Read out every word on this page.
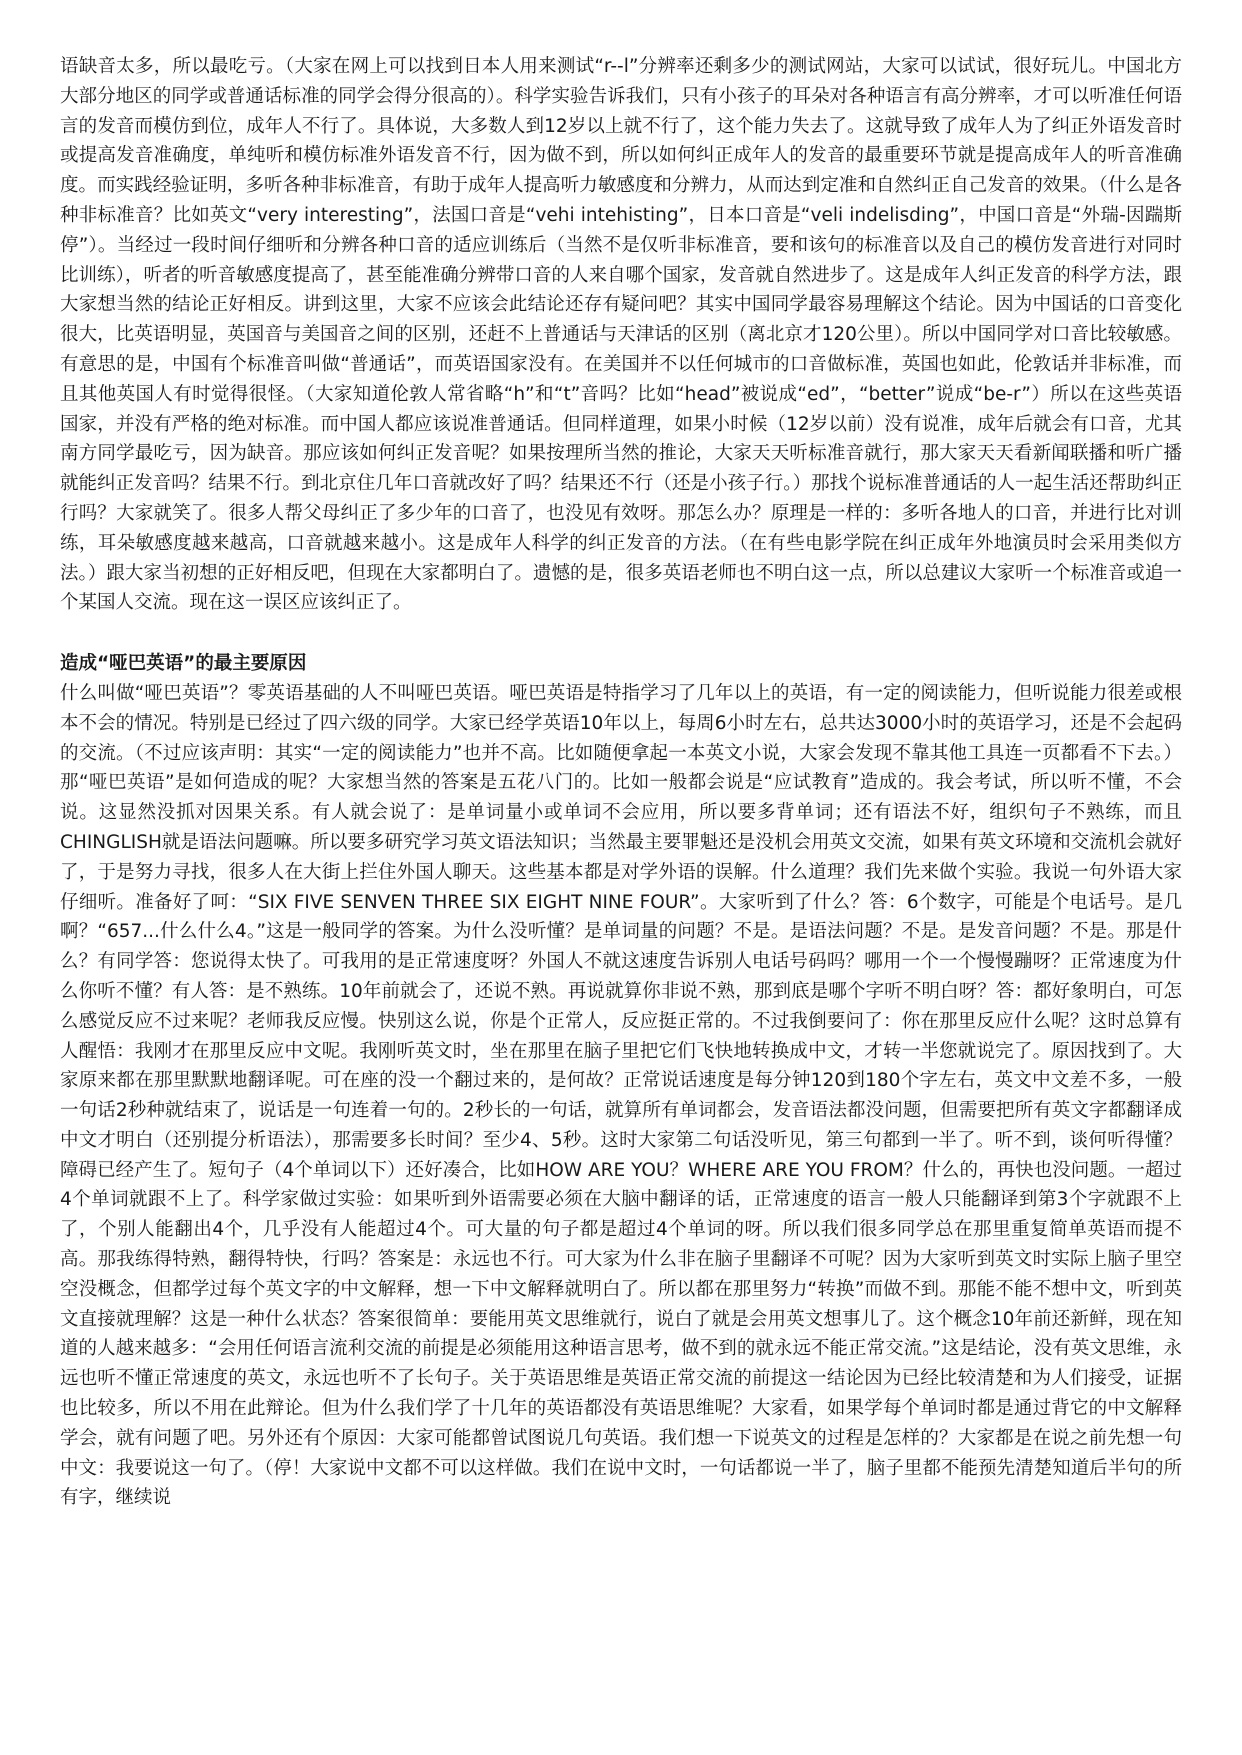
语缺音太多，所以最吃亏。（大家在网上可以找到日本人用来测试“r--l”分辨率还剩多少的测试网站，大家可以试试，很好玩儿。中国北方大部分地区的同学或普通话标准的同学会得分很高的）。科学实验告诉我们，只有小孩子的耳朵对各种语言有高分辨率，才可以听准任何语言的发音而模仿到位，成年人不行了。具体说，大多数人到12岁以上就不行了，这个能力失去了。这就导致了成年人为了纠正外语发音时或提高发音准确度，单纯听和模仿标准外语发音不行，因为做不到，所以如何纠正成年人的发音的最重要环节就是提高成年人的听音准确度。而实践经验证明，多听各种非标准音，有助于成年人提高听力敏感度和分辨力，从而达到定准和自然纠正自己发音的效果。（什么是各种非标准音？比如英文“very interesting”，法国口音是“vehi intehisting”，日本口音是“veli indelisding”，中国口音是“外瑞-因踹斯停”）。当经过一段时间仔细听和分辨各种口音的适应训练后（当然不是仅听非标准音，要和该句的标准音以及自己的模仿发音进行对同时比训练），听者的听音敏感度提高了，甚至能准确分辨带口音的人来自哪个国家，发音就自然进步了。这是成年人纠正发音的科学方法，跟大家想当然的结论正好相反。讲到这里，大家不应该会此结论还存有疑问吧？其实中国同学最容易理解这个结论。因为中国话的口音变化很大，比英语明显，英国音与美国音之间的区别，还赶不上普通话与天津话的区别（离北京才120公里）。所以中国同学对口音比较敏感。有意思的是，中国有个标准音叫做“普通话”，而英语国家没有。在美国并不以任何城市的口音做标准，英国也如此，伦敦话并非标准，而且其他英国人有时觉得很怪。（大家知道伦敦人常省略“h”和“t”音吗？比如“head”被说成“ed”，“better”说成“be-r”）所以在这些英语国家，并没有严格的绝对标准。而中国人都应该说准普通话。但同样道理，如果小时候（12岁以前）没有说准，成年后就会有口音，尤其南方同学最吃亏，因为缺音。那应该如何纠正发音呢？如果按理所当然的推论，大家天天听标准音就行，那大家天天看新闻联播和听广播就能纠正发音吗？结果不行。到北京住几年口音就改好了吗？结果还不行（还是小孩子行。）那找个说标准普通话的人一起生活还帮助纠正行吗？大家就笑了。很多人帮父母纠正了多少年的口音了，也没见有效呀。那怎么办？原理是一样的：多听各地人的口音，并进行比对训练，耳朵敏感度越来越高，口音就越来越小。这是成年人科学的纠正发音的方法。（在有些电影学院在纠正成年外地演员时会采用类似方法。）跟大家当初想的正好相反吧，但现在大家都明白了。遗憾的是，很多英语老师也不明白这一点，所以总建议大家听一个标准音或追一个某国人交流。现在这一误区应该纠正了。

造成“哑巴英语”的最主要原因

什么叫做“哑巴英语”？零英语基础的人不叫哑巴英语。哑巴英语是特指学习了几年以上的英语，有一定的阅读能力，但听说能力很差或根本不会的情况。特别是已经过了四六级的同学。大家已经学英语10年以上，每周6小时左右，总共达3000小时的英语学习，还是不会起码的交流。（不过应该声明：其实“一定的阅读能力”也并不高。比如随便拿起一本英文小说，大家会发现不靠其他工具连一页都看不下去。）那“哑巴英语”是如何造成的呢？大家想当然的答案是五花八门的。比如一般都会说是“应试教育”造成的。我会考试，所以听不懂，不会说。这显然没抓对因果关系。有人就会说了：是单词量小或单词不会应用，所以要多背单词；还有语法不好，组织句子不熟练，而且CHINGLISH就是语法问题嘛。所以要多研究学习英文语法知识；当然最主要罪魁还是没机会用英文交流，如果有英文环境和交流机会就好了，于是努力寻找，很多人在大街上拦住外国人聊天。这些基本都是对学外语的误解。什么道理？我们先来做个实验。我说一句外语大家仔细听。准备好了呵：“SIX FIVE SENVEN THREE SIX EIGHT NINE FOUR”。大家听到了什么？答：6个数字，可能是个电话号。是几啊？“657...什么什么4。”这是一般同学的答案。为什么没听懂？是单词量的问题？不是。是语法问题？不是。是发音问题？不是。那是什么？有同学答：您说得太快了。可我用的是正常速度呀？外国人不就这速度告诉别人电话号码吗？哪用一个一个慢慢蹦呀？正常速度为什么你听不懂？有人答：是不熟练。10年前就会了，还说不熟。再说就算你非说不熟，那到底是哪个字听不明白呀？答：都好象明白，可怎么感觉反应不过来呢？老师我反应慢。快别这么说，你是个正常人，反应挺正常的。不过我倒要问了：你在那里反应什么呢？这时总算有人醒悟：我刚才在那里反应中文呢。我刚听英文时，坐在那里在脑子里把它们飞快地转换成中文，才转一半您就说完了。原因找到了。大家原来都在那里默默地翻译呢。可在座的没一个翻过来的，是何故？正常说话速度是每分钟120到180个字左右，英文中文差不多，一般一句话2秒种就结束了，说话是一句连着一句的。2秒长的一句话，就算所有单词都会，发音语法都没问题，但需要把所有英文字都翻译成中文才明白（还别提分析语法），那需要多长时间？至少4、5秒。这时大家第二句话没听见，第三句都到一半了。听不到，谈何听得懂？障碍已经产生了。短句子（4个单词以下）还好凑合，比如HOW ARE YOU？WHERE ARE YOU FROM？什么的，再快也没问题。一超过4个单词就跟不上了。科学家做过实验：如果听到外语需要必须在大脑中翻译的话，正常速度的语言一般人只能翻译到第3个字就跟不上了，个别人能翻出4个，几乎没有人能超过4个。可大量的句子都是超过4个单词的呀。所以我们很多同学总在那里重复简单英语而提不高。那我练得特熟，翻得特快，行吗？答案是：永远也不行。可大家为什么非在脑子里翻译不可呢？因为大家听到英文时实际上脑子里空空没概念，但都学过每个英文字的中文解释，想一下中文解释就明白了。所以都在那里努力“转换”而做不到。那能不能不想中文，听到英文直接就理解？这是一种什么状态？答案很简单：要能用英文思维就行，说白了就是会用英文想事儿了。这个概念10年前还新鲜，现在知道的人越来越多：“会用任何语言流利交流的前提是必须能用这种语言思考，做不到的就永远不能正常交流。”这是结论，没有英文思维，永远也听不懂正常速度的英文，永远也听不了长句子。关于英语思维是英语正常交流的前提这一结论因为已经比较清楚和为人们接受，证据也比较多，所以不用在此辩论。但为什么我们学了十几年的英语都没有英语思维呢？大家看，如果学每个单词时都是通过背它的中文解释学会，就有问题了吧。另外还有个原因：大家可能都曾试图说几句英语。我们想一下说英文的过程是怎样的？大家都是在说之前先想一句中文：我要说这一句了。（停！大家说中文都不可以这样做。我们在说中文时，一句话都说一半了，脑子里都不能预先清楚知道后半句的所有字，继续说
